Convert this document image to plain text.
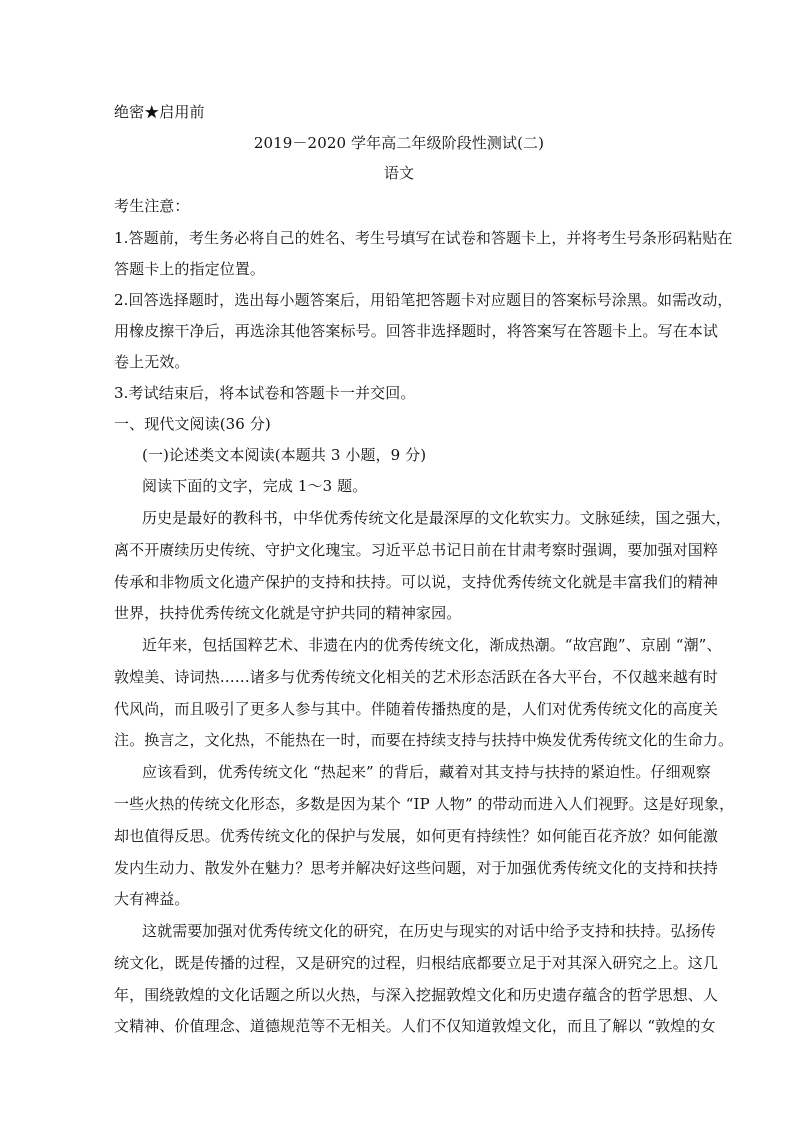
绝密★启用前
2019－2020 学年高二年级阶段性测试(二)
语文
考生注意：
1.答题前，考生务必将自己的姓名、考生号填写在试卷和答题卡上，并将考生号条形码粘贴在
答题卡上的指定位置。
2.回答选择题时，选出每小题答案后，用铅笔把答题卡对应题目的答案标号涂黑。如需改动，
用橡皮擦干净后，再选涂其他答案标号。回答非选择题时，将答案写在答题卡上。写在本试
卷上无效。
3.考试结束后，将本试卷和答题卡一并交回。
一、现代文阅读(36 分)
(一)论述类文本阅读(本题共 3 小题，9 分)
阅读下面的文字，完成 1～3 题。
历史是最好的教科书，中华优秀传统文化是最深厚的文化软实力。文脉延续，国之强大，
离不开赓续历史传统、守护文化瑰宝。习近平总书记日前在甘肃考察时强调，要加强对国粹
传承和非物质文化遗产保护的支持和扶持。可以说，支持优秀传统文化就是丰富我们的精神
世界，扶持优秀传统文化就是守护共同的精神家园。
近年来，包括国粹艺术、非遗在内的优秀传统文化，渐成热潮。“故宫跑”、京剧 “潮”、
敦煌美、诗词热……诸多与优秀传统文化相关的艺术形态活跃在各大平台，不仅越来越有时
代风尚，而且吸引了更多人参与其中。伴随着传播热度的是，人们对优秀传统文化的高度关
注。换言之，文化热，不能热在一时，而要在持续支持与扶持中焕发优秀传统文化的生命力。
应该看到，优秀传统文化 “热起来” 的背后，藏着对其支持与扶持的紧迫性。仔细观察
一些火热的传统文化形态，多数是因为某个 “IP 人物” 的带动而进入人们视野。这是好现象，
却也值得反思。优秀传统文化的保护与发展，如何更有持续性？如何能百花齐放？如何能激
发内生动力、散发外在魅力？思考并解决好这些问题，对于加强优秀传统文化的支持和扶持
大有裨益。
这就需要加强对优秀传统文化的研究，在历史与现实的对话中给予支持和扶持。弘扬传
统文化，既是传播的过程，又是研究的过程，归根结底都要立足于对其深入研究之上。这几
年，围绕敦煌的文化话题之所以火热，与深入挖掘敦煌文化和历史遗存蕴含的哲学思想、人
文精神、价值理念、道德规范等不无相关。人们不仅知道敦煌文化，而且了解以 “敦煌的女
